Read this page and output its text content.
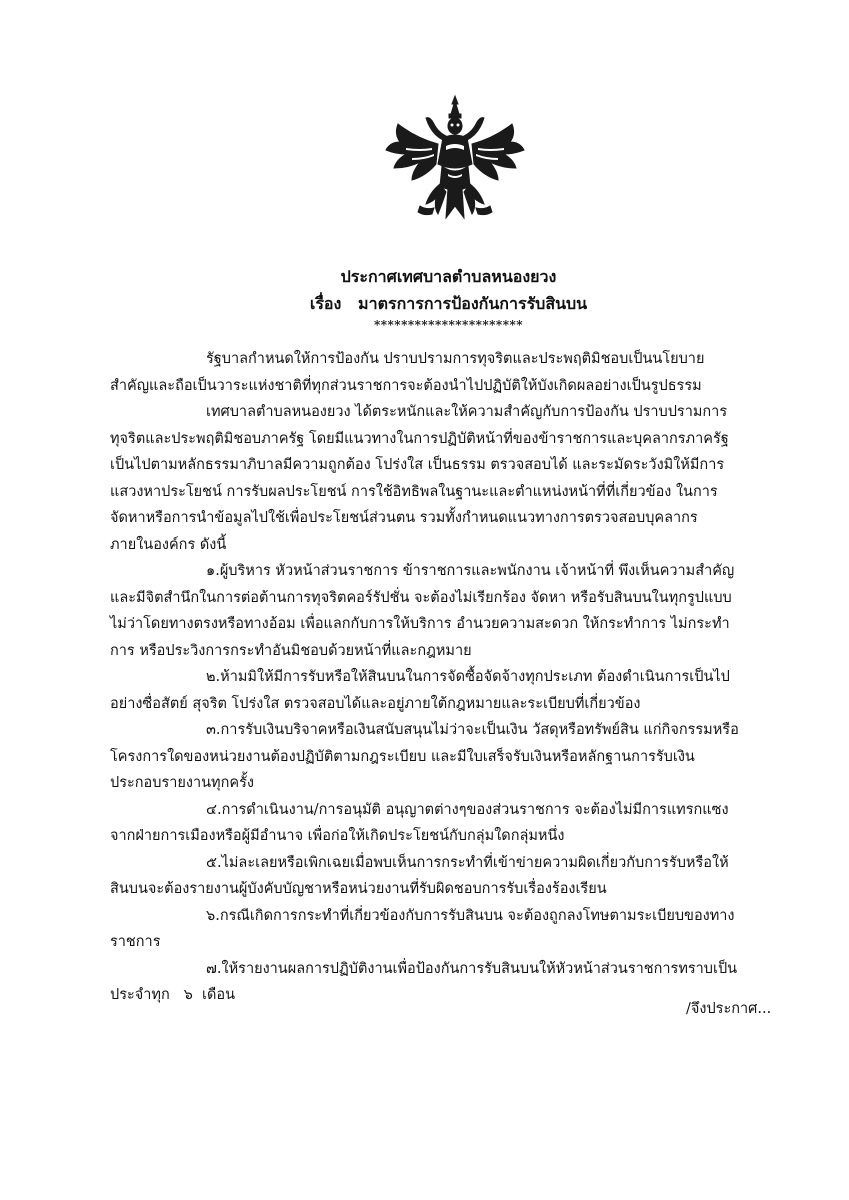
ประกาศเทศบาลตำบลหนองยวง
เรื่อง   มาตรการการป้องกันการรับสินบน
**********************

รัฐบาลกำหนดให้การป้องกัน ปราบปรามการทุจริตและประพฤติมิชอบเป็นนโยบายสำคัญและถือเป็นวาระแห่งชาติที่ทุกส่วนราชการจะต้องนำไปปฏิบัติให้บังเกิดผลอย่างเป็นรูปธรรม

เทศบาลตำบลหนองยวง ได้ตระหนักและให้ความสำคัญกับการป้องกัน ปราบปรามการทุจริตและประพฤติมิชอบภาครัฐ โดยมีแนวทางในการปฏิบัติหน้าที่ของข้าราชการและบุคลากรภาครัฐเป็นไปตามหลักธรรมาภิบาลมีความถูกต้อง โปร่งใส เป็นธรรม ตรวจสอบได้ และระมัดระวังมิให้มีการแสวงหาประโยชน์ การรับผลประโยชน์ การใช้อิทธิพลในฐานะและตำแหน่งหน้าที่ที่เกี่ยวข้อง ในการจัดหาหรือการนำข้อมูลไปใช้เพื่อประโยชน์ส่วนตน รวมทั้งกำหนดแนวทางการตรวจสอบบุคลากรภายในองค์กร ดังนี้

๑.ผู้บริหาร หัวหน้าส่วนราชการ ข้าราชการและพนักงาน เจ้าหน้าที่ พึงเห็นความสำคัญและมีจิตสำนึกในการต่อต้านการทุจริตคอร์รัปชั่น จะต้องไม่เรียกร้อง จัดหา หรือรับสินบนในทุกรูปแบบไม่ว่าโดยทางตรงหรือทางอ้อม เพื่อแลกกับการให้บริการ อำนวยความสะดวก ให้กระทำการ ไม่กระทำการ หรือประวิงการกระทำอันมิชอบด้วยหน้าที่และกฎหมาย

๒.ห้ามมิให้มีการรับหรือให้สินบนในการจัดซื้อจัดจ้างทุกประเภท ต้องดำเนินการเป็นไปอย่างซื่อสัตย์ สุจริต โปร่งใส ตรวจสอบได้และอยู่ภายใต้กฎหมายและระเบียบที่เกี่ยวข้อง

๓.การรับเงินบริจาคหรือเงินสนับสนุนไม่ว่าจะเป็นเงิน วัสดุหรือทรัพย์สิน แก่กิจกรรมหรือโครงการใดของหน่วยงานต้องปฏิบัติตามกฎระเบียบ และมีใบเสร็จรับเงินหรือหลักฐานการรับเงินประกอบรายงานทุกครั้ง

๔.การดำเนินงาน/การอนุมัติ อนุญาตต่างๆของส่วนราชการ จะต้องไม่มีการแทรกแซงจากฝ่ายการเมืองหรือผู้มีอำนาจ เพื่อก่อให้เกิดประโยชน์กับกลุ่มใดกลุ่มหนึ่ง

๕.ไม่ละเลยหรือเพิกเฉยเมื่อพบเห็นการกระทำที่เข้าข่ายความผิดเกี่ยวกับการรับหรือให้สินบนจะต้องรายงานผู้บังคับบัญชาหรือหน่วยงานที่รับผิดชอบการรับเรื่องร้องเรียน

๖.กรณีเกิดการกระทำที่เกี่ยวข้องกับการรับสินบน จะต้องถูกลงโทษตามระเบียบของทางราชการ

๗.ให้รายงานผลการปฏิบัติงานเพื่อป้องกันการรับสินบนให้หัวหน้าส่วนราชการทราบเป็นประจำทุก   ๖  เดือน

/จึงประกาศ...
